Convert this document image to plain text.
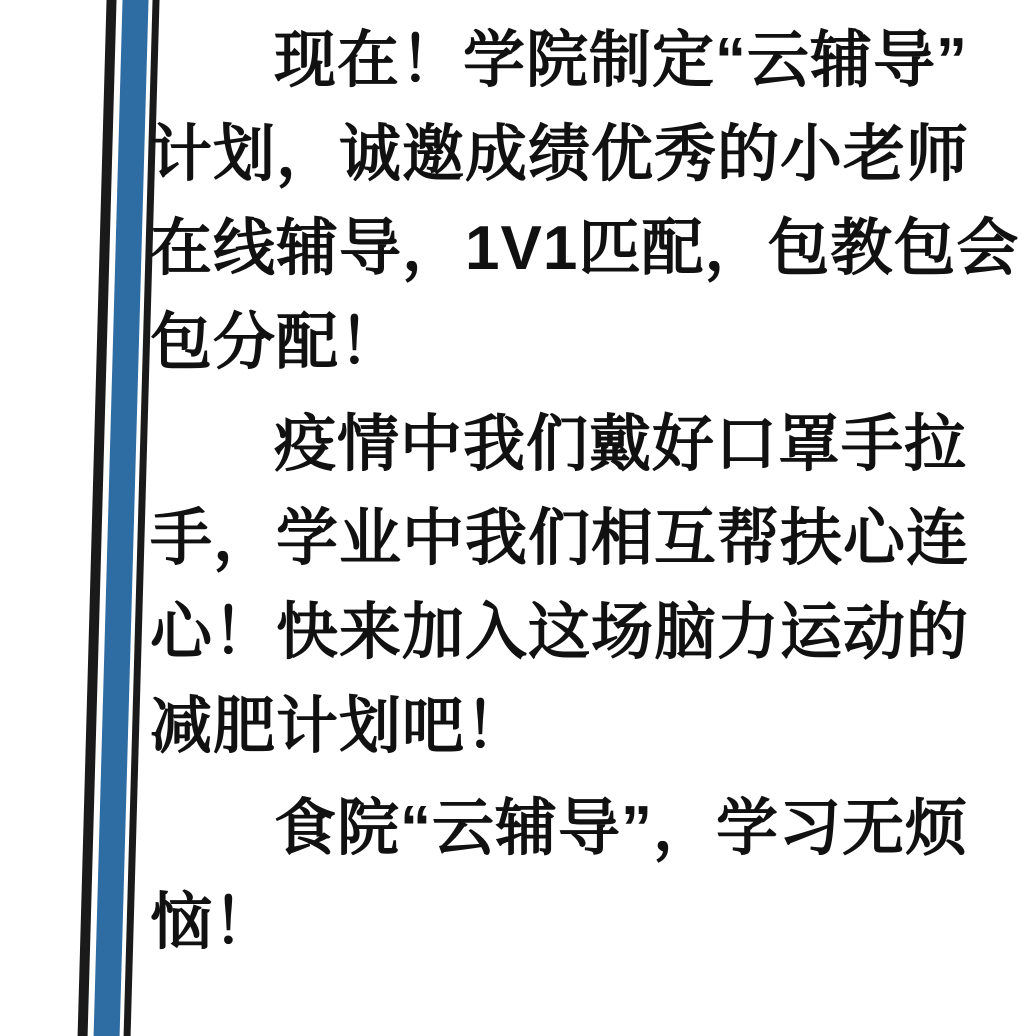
现在！学院制定“云辅导”计划，诚邀成绩优秀的小老师在线辅导，1V1匹配，包教包会包分配！

疫情中我们戴好口罩手拉手，学业中我们相互帮扶心连心！快来加入这场脑力运动的减肥计划吧！

食院“云辅导”，学习无烦恼！
